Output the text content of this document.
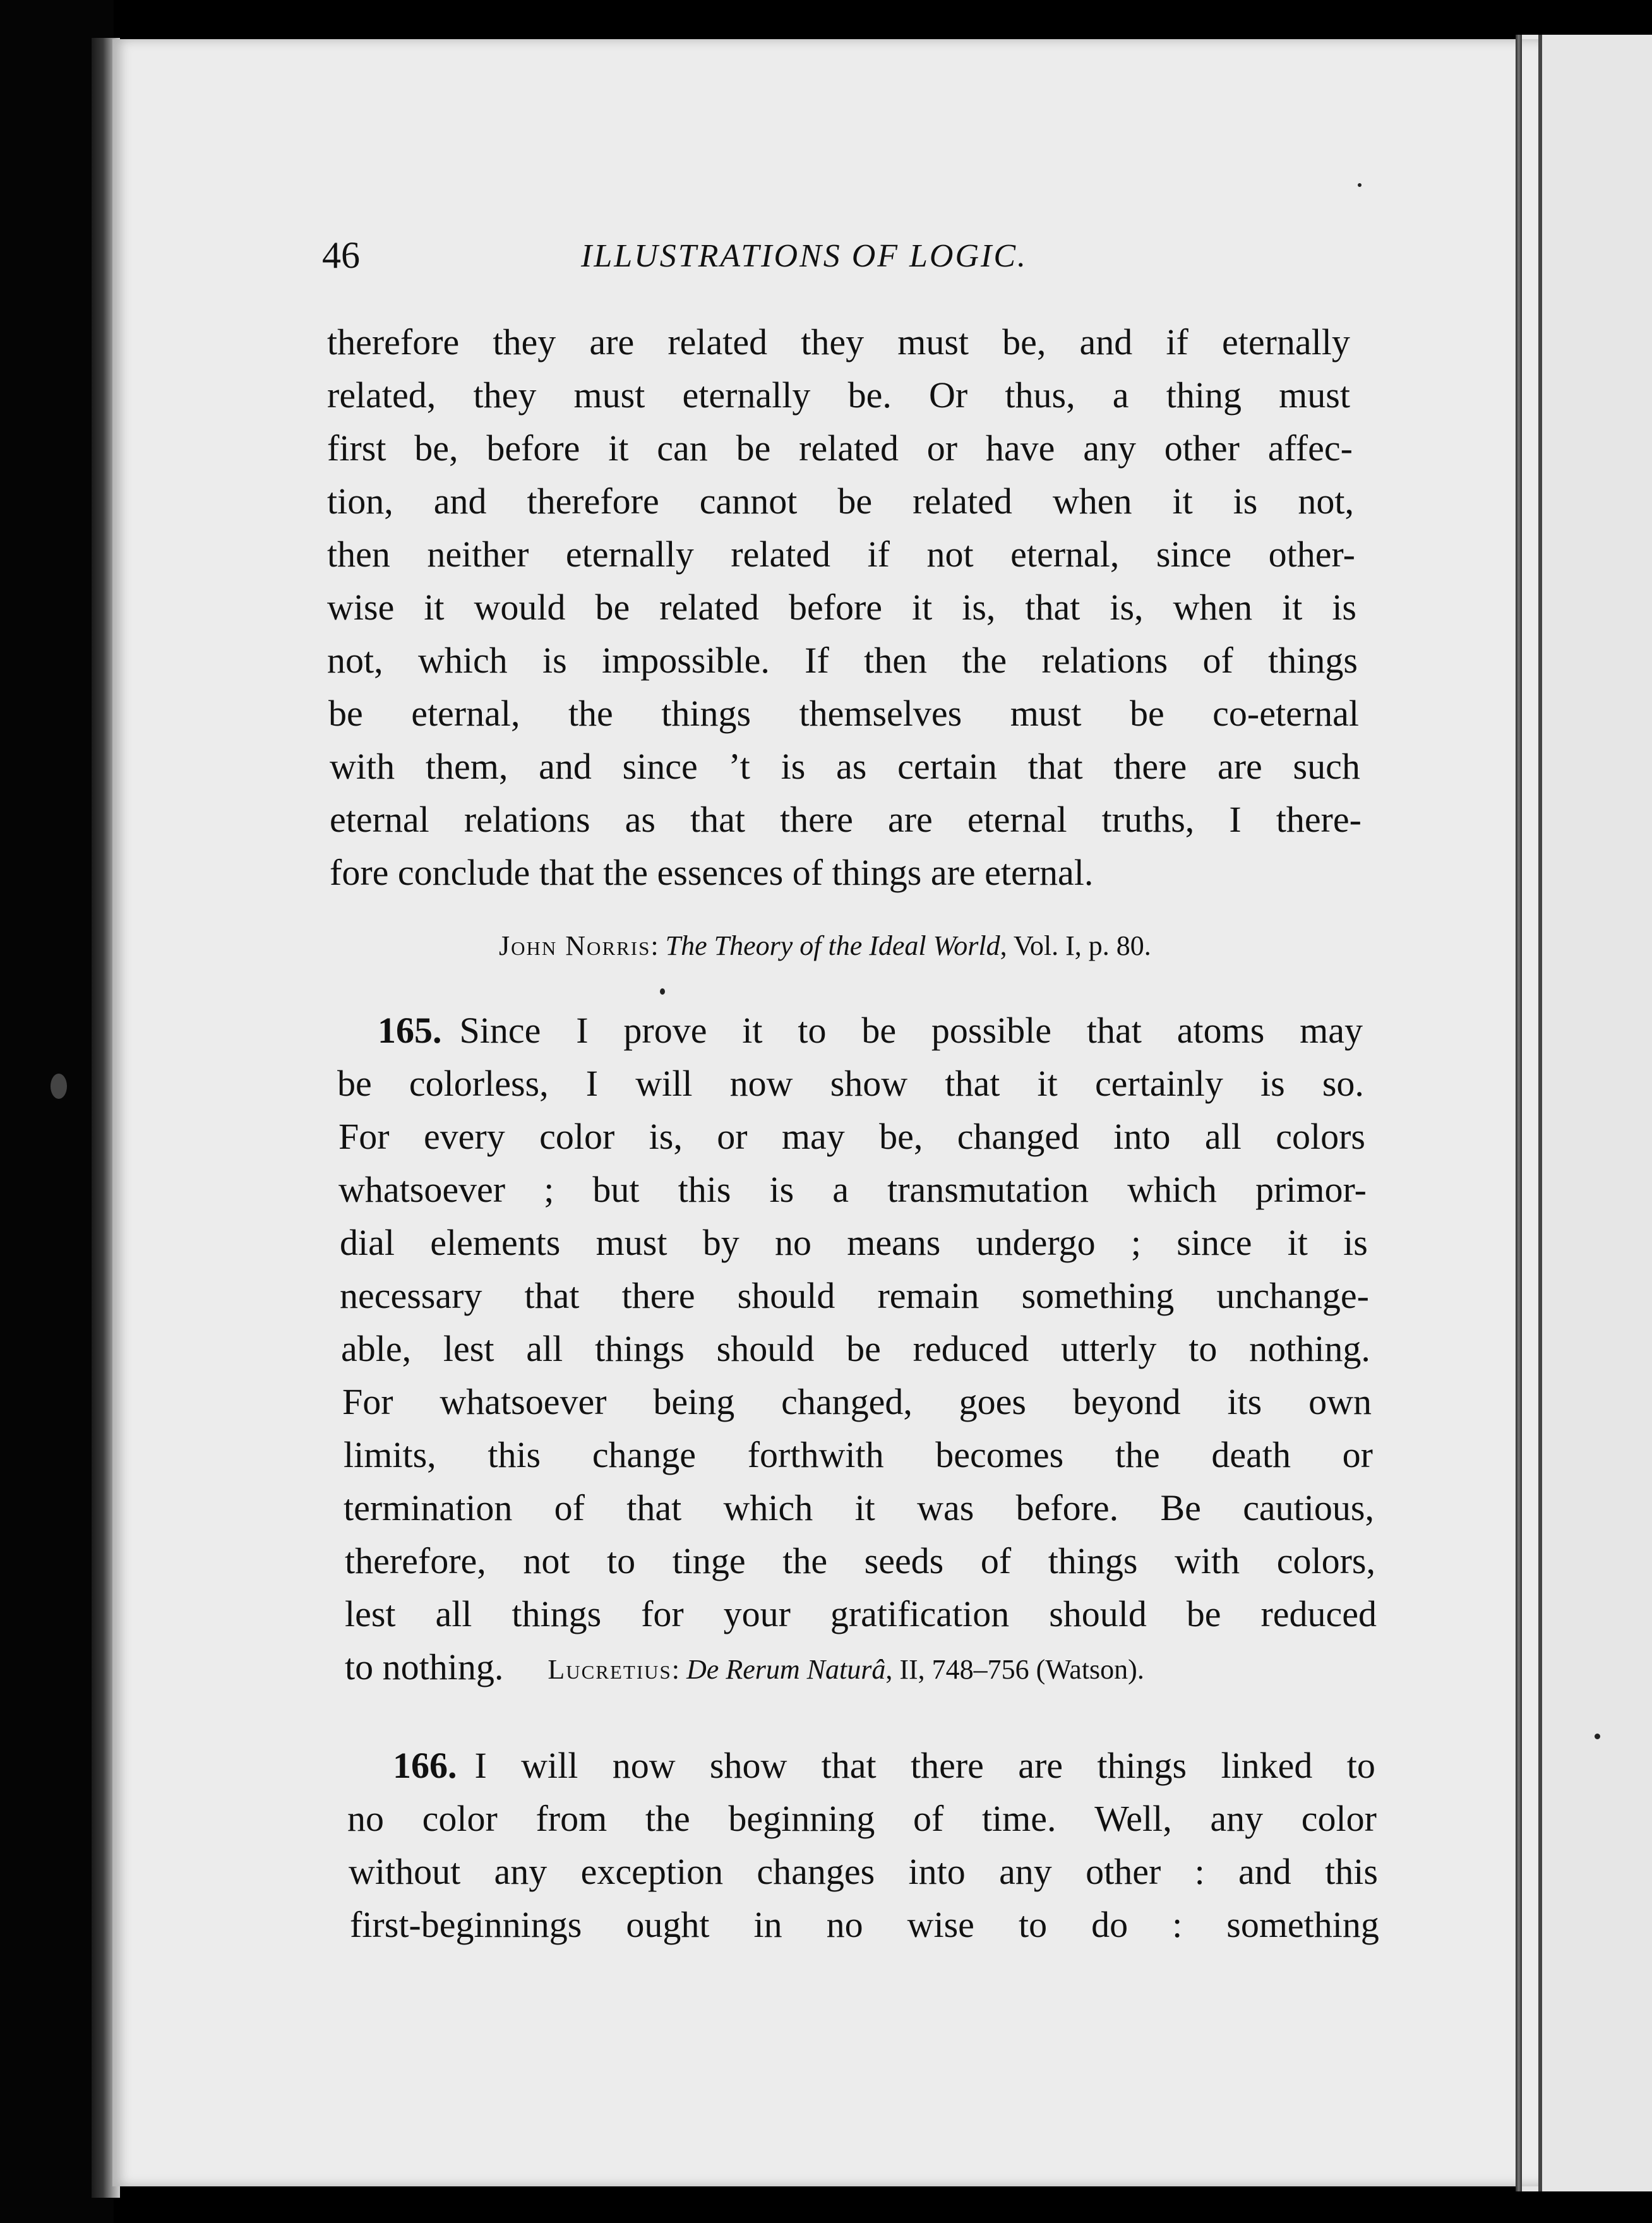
46	ILLUSTRATIONS OF LOGIC.
therefore they are related they must be, and if eternally
related, they must eternally be. Or thus, a thing must
first be, before it can be related or have any other affec-
tion, and therefore cannot be related when it is not,
then neither eternally related if not eternal, since other-
wise it would be related before it is, that is, when it is
not, which is impossible. If then the relations of things
be eternal, the things themselves must be co-eternal
with them, and since ’t is as certain that there are such
eternal relations as that there are eternal truths, I there-
fore conclude that the essences of things are eternal.
John Norris: The Theory of the Ideal World, Vol. I, p. 80.
165. Since I prove it to be possible that atoms may
be colorless, I will now show that it certainly is so.
For every color is, or may be, changed into all colors
whatsoever ; but this is a transmutation which primor-
dial elements must by no means undergo ; since it is
necessary that there should remain something unchange-
able, lest all things should be reduced utterly to nothing.
For whatsoever being changed, goes beyond its own
limits, this change forthwith becomes the death or
termination of that which it was before. Be cautious,
therefore, not to tinge the seeds of things with colors,
lest all things for your gratification should be reduced
to nothing. Lucretius: De Rerum Naturâ, II, 748–756 (Watson).
166. I will now show that there are things linked to
no color from the beginning of time. Well, any color
without any exception changes into any other : and this
first-beginnings ought in no wise to do : something
